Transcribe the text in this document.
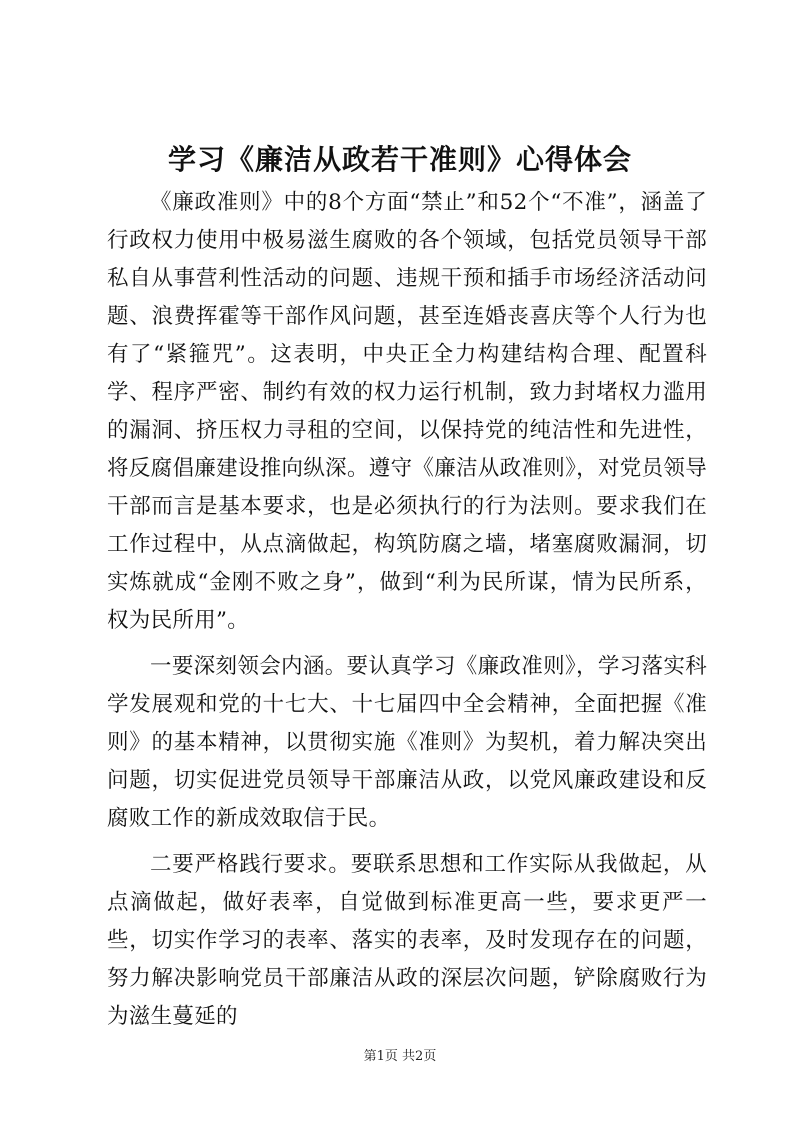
学习《廉洁从政若干准则》心得体会

《廉政准则》中的8个方面“禁止”和52个“不准”，涵盖了行政权力使用中极易滋生腐败的各个领域，包括党员领导干部私自从事营利性活动的问题、违规干预和插手市场经济活动问题、浪费挥霍等干部作风问题，甚至连婚丧喜庆等个人行为也有了“紧箍咒”。这表明，中央正全力构建结构合理、配置科学、程序严密、制约有效的权力运行机制，致力封堵权力滥用的漏洞、挤压权力寻租的空间，以保持党的纯洁性和先进性，将反腐倡廉建设推向纵深。遵守《廉洁从政准则》，对党员领导干部而言是基本要求，也是必须执行的行为法则。要求我们在工作过程中，从点滴做起，构筑防腐之墙，堵塞腐败漏洞，切实炼就成“金刚不败之身”，做到“利为民所谋，情为民所系，权为民所用”。

一要深刻领会内涵。要认真学习《廉政准则》，学习落实科学发展观和党的十七大、十七届四中全会精神，全面把握《准则》的基本精神，以贯彻实施《准则》为契机，着力解决突出问题，切实促进党员领导干部廉洁从政，以党风廉政建设和反腐败工作的新成效取信于民。

二要严格践行要求。要联系思想和工作实际从我做起，从点滴做起，做好表率，自觉做到标准更高一些，要求更严一些，切实作学习的表率、落实的表率，及时发现存在的问题，努力解决影响党员干部廉洁从政的深层次问题，铲除腐败行为为滋生蔓延的

第1页 共2页
